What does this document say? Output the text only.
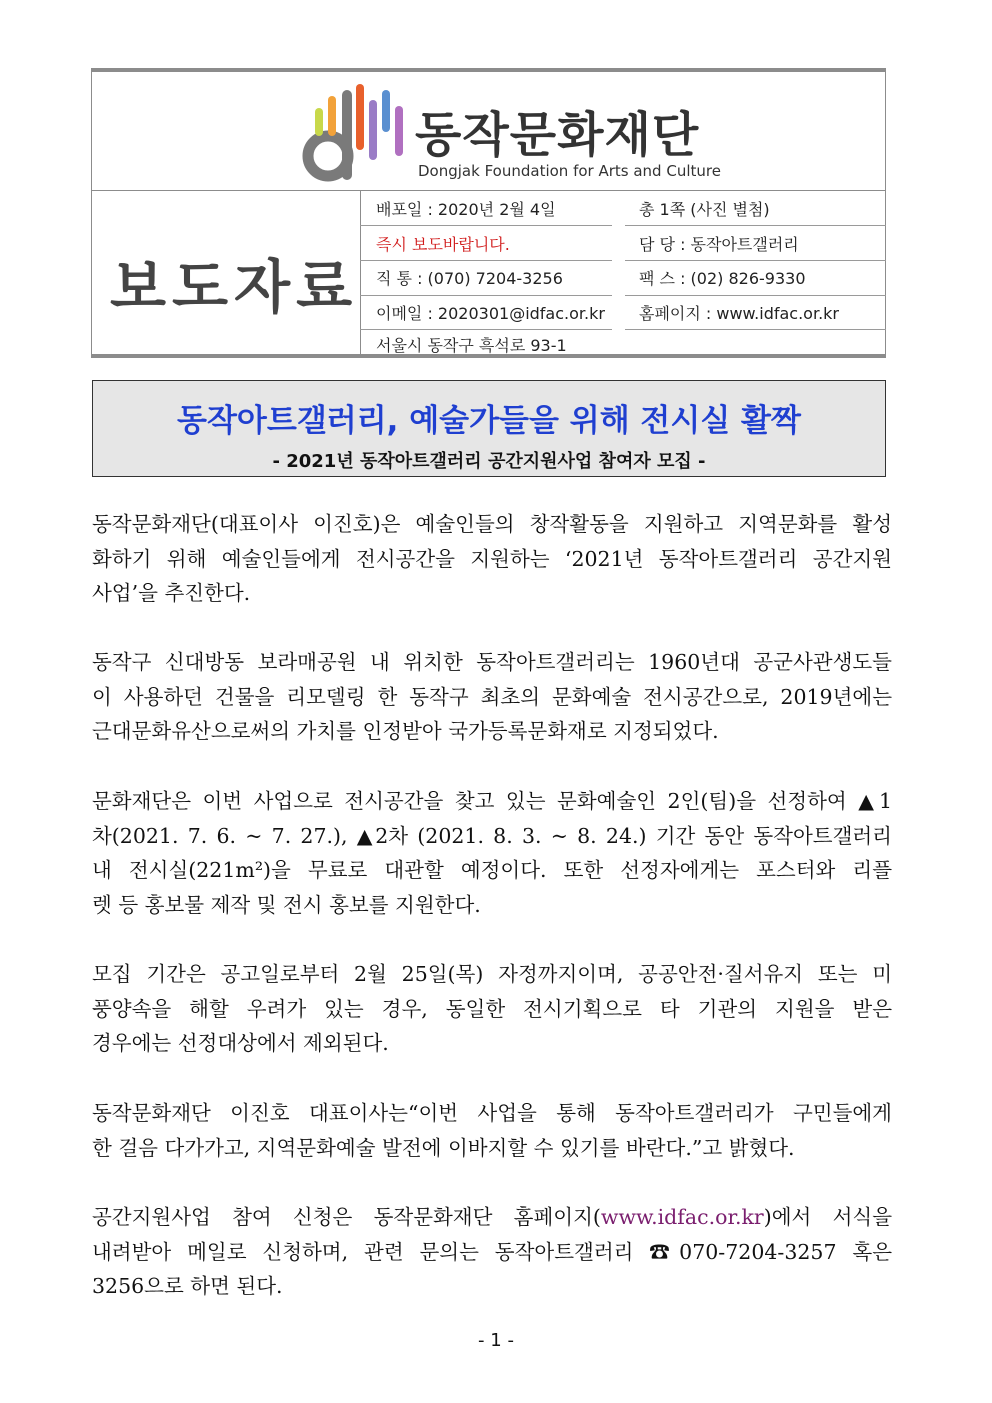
동작문화재단
Dongjak Foundation for Arts and Culture
보도자료
배포일 : 2020년 2월 4일	총 1쪽 (사진 별첨)
즉시 보도바랍니다.	담 당 : 동작아트갤러리
직 통 : (070) 7204-3256	팩 스 : (02) 826-9330
이메일 : 2020301@idfac.or.kr 홈페이지 : www.idfac.or.kr
서울시 동작구 흑석로 93-1
동작아트갤러리, 예술가들을 위해 전시실 활짝
- 2021년 동작아트갤러리 공간지원사업 참여자 모집 -
동작문화재단(대표이사 이진호)은 예술인들의 창작활동을 지원하고 지역문화를 활성
화하기 위해 예술인들에게 전시공간을 지원하는 ‘2021년 동작아트갤러리 공간지원
사업’을 추진한다.
동작구 신대방동 보라매공원 내 위치한 동작아트갤러리는 1960년대 공군사관생도들
이 사용하던 건물을 리모델링 한 동작구 최초의 문화예술 전시공간으로, 2019년에는
근대문화유산으로써의 가치를 인정받아 국가등록문화재로 지정되었다.
문화재단은 이번 사업으로 전시공간을 찾고 있는 문화예술인 2인(팀)을 선정하여 ▲1
차(2021. 7. 6. ~ 7. 27.), ▲2차 (2021. 8. 3. ~ 8. 24.) 기간 동안 동작아트갤러리
내 전시실(221m²)을 무료로 대관할 예정이다. 또한 선정자에게는 포스터와 리플
렛 등 홍보물 제작 및 전시 홍보를 지원한다.
모집 기간은 공고일로부터 2월 25일(목) 자정까지이며, 공공안전·질서유지 또는 미
풍양속을 해할 우려가 있는 경우, 동일한 전시기획으로 타 기관의 지원을 받은
경우에는 선정대상에서 제외된다.
동작문화재단 이진호 대표이사는“이번 사업을 통해 동작아트갤러리가 구민들에게
한 걸음 다가가고, 지역문화예술 발전에 이바지할 수 있기를 바란다.”고 밝혔다.
공간지원사업 참여 신청은 동작문화재단 홈페이지(www.idfac.or.kr)에서 서식을
내려받아 메일로 신청하며, 관련 문의는 동작아트갤러리 ☎070-7204-3257 혹은
3256으로 하면 된다.
- 1 -
